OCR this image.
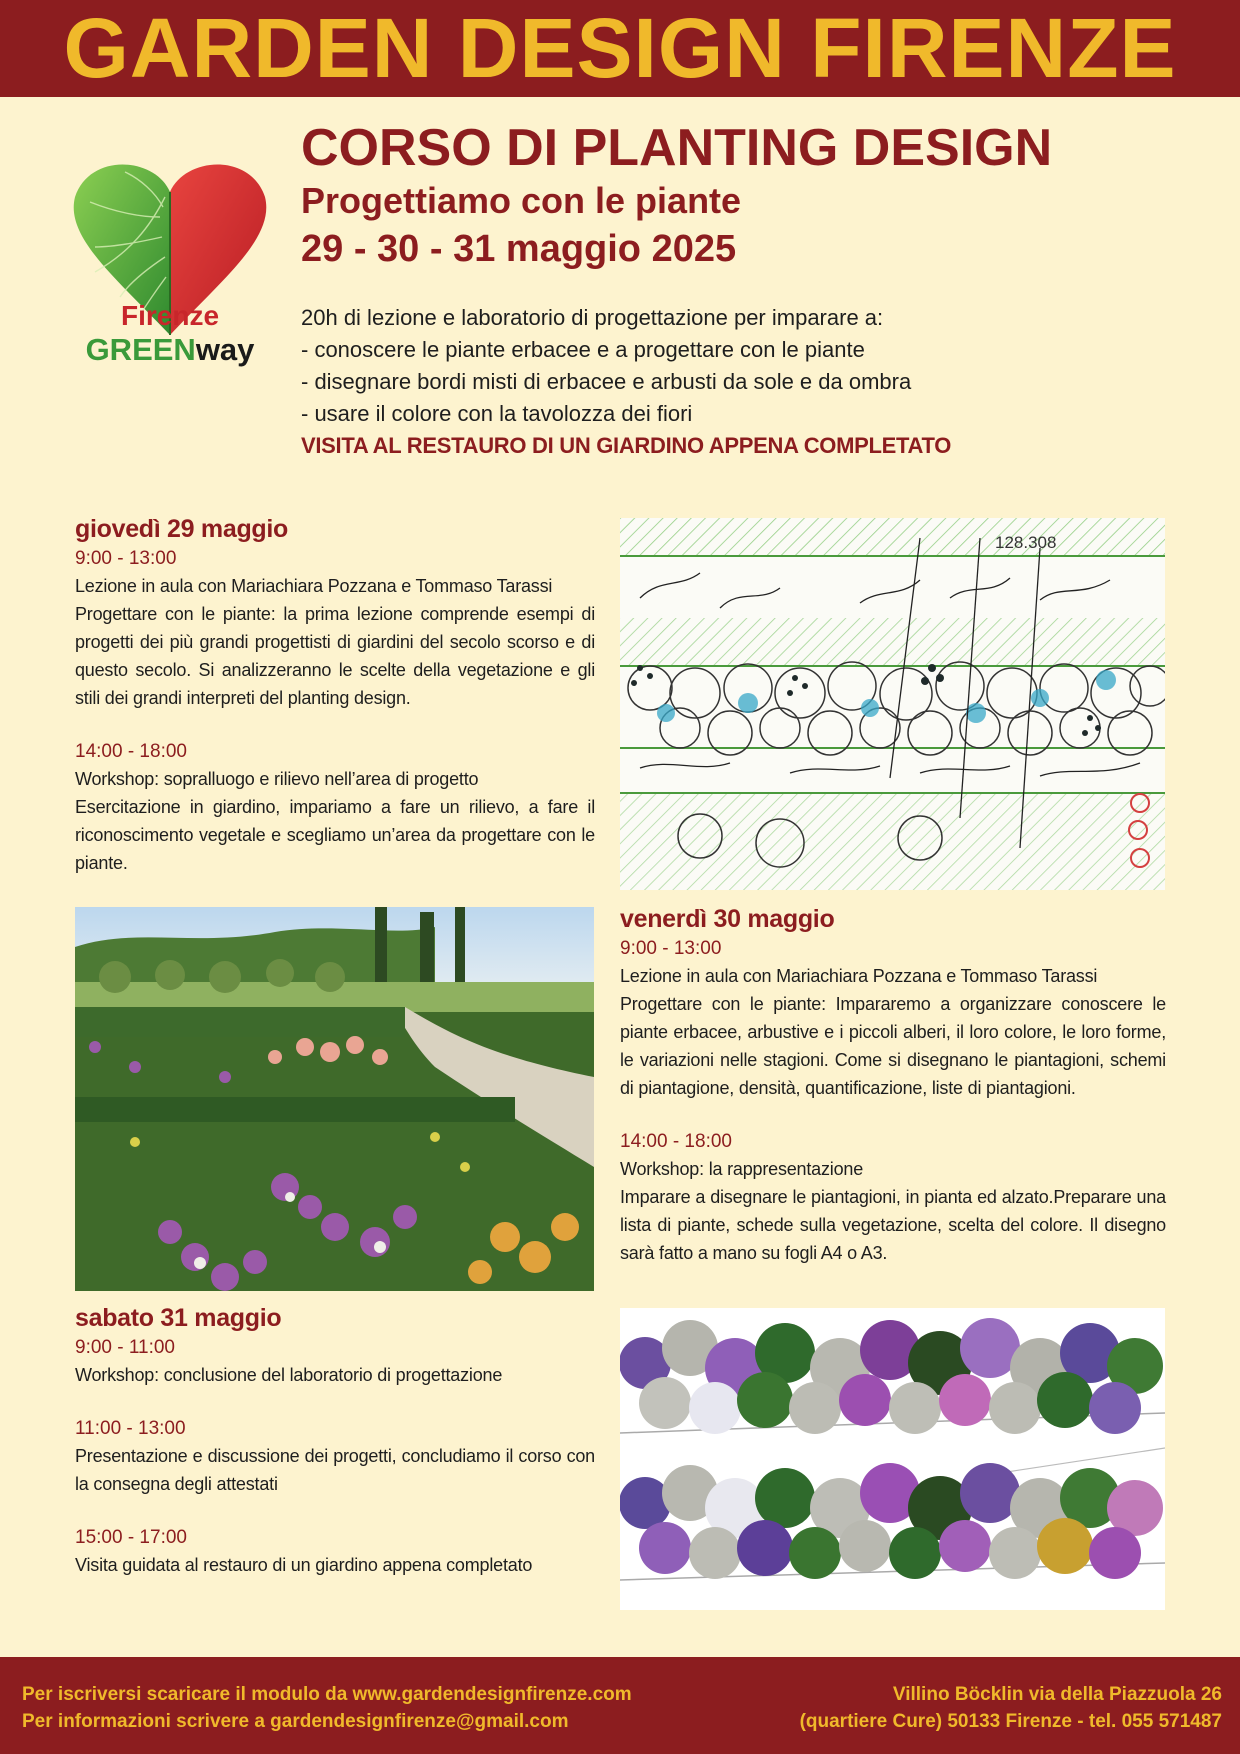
GARDEN DESIGN FIRENZE
Firenze
GREENway
CORSO DI PLANTING DESIGN
Progettiamo con le piante
29 - 30 - 31 maggio 2025
20h di lezione e laboratorio di progettazione per imparare a:
- conoscere le piante erbacee e a progettare con le piante
- disegnare bordi misti di erbacee e arbusti da sole e da ombra
- usare il colore con la tavolozza dei fiori
VISITA AL RESTAURO DI UN GIARDINO APPENA COMPLETATO
giovedì 29 maggio
9:00 - 13:00
Lezione in aula con Mariachiara Pozzana e Tommaso Tarassi
Progettare con le piante: la prima lezione comprende esempi di progetti dei più grandi progettisti di giardini del secolo scorso e di questo secolo. Si analizzeranno le scelte della vegetazione e gli stili dei grandi interpreti del planting design.
14:00 - 18:00
Workshop: sopralluogo e rilievo nell’area di progetto
Esercitazione in giardino, impariamo a fare un rilievo, a fare il riconoscimento vegetale e scegliamo un’area da progettare con le piante.
128.308
venerdì 30 maggio
9:00 - 13:00
Lezione in aula con Mariachiara Pozzana e Tommaso Tarassi
Progettare con le piante: Impararemo a organizzare conoscere le piante erbacee, arbustive e i piccoli alberi, il loro colore, le loro forme, le variazioni nelle stagioni. Come si disegnano le piantagioni, schemi di piantagione, densità, quantificazione, liste di piantagioni.
14:00 - 18:00
Workshop: la rappresentazione
Imparare a disegnare le piantagioni, in pianta ed alzato.Preparare una lista di piante, schede sulla vegetazione, scelta del colore. Il disegno sarà fatto a mano su fogli A4 o A3.
sabato 31 maggio
9:00 - 11:00
Workshop: conclusione del laboratorio di progettazione
11:00 - 13:00
Presentazione e discussione dei progetti, concludiamo il corso con la consegna degli attestati
15:00 - 17:00
Visita guidata al restauro di un giardino appena completato
Per iscriversi scaricare il modulo da www.gardendesignfirenze.com
Per informazioni scrivere a gardendesignfirenze@gmail.com
Villino Böcklin via della Piazzuola 26
(quartiere Cure) 50133 Firenze - tel. 055 571487
